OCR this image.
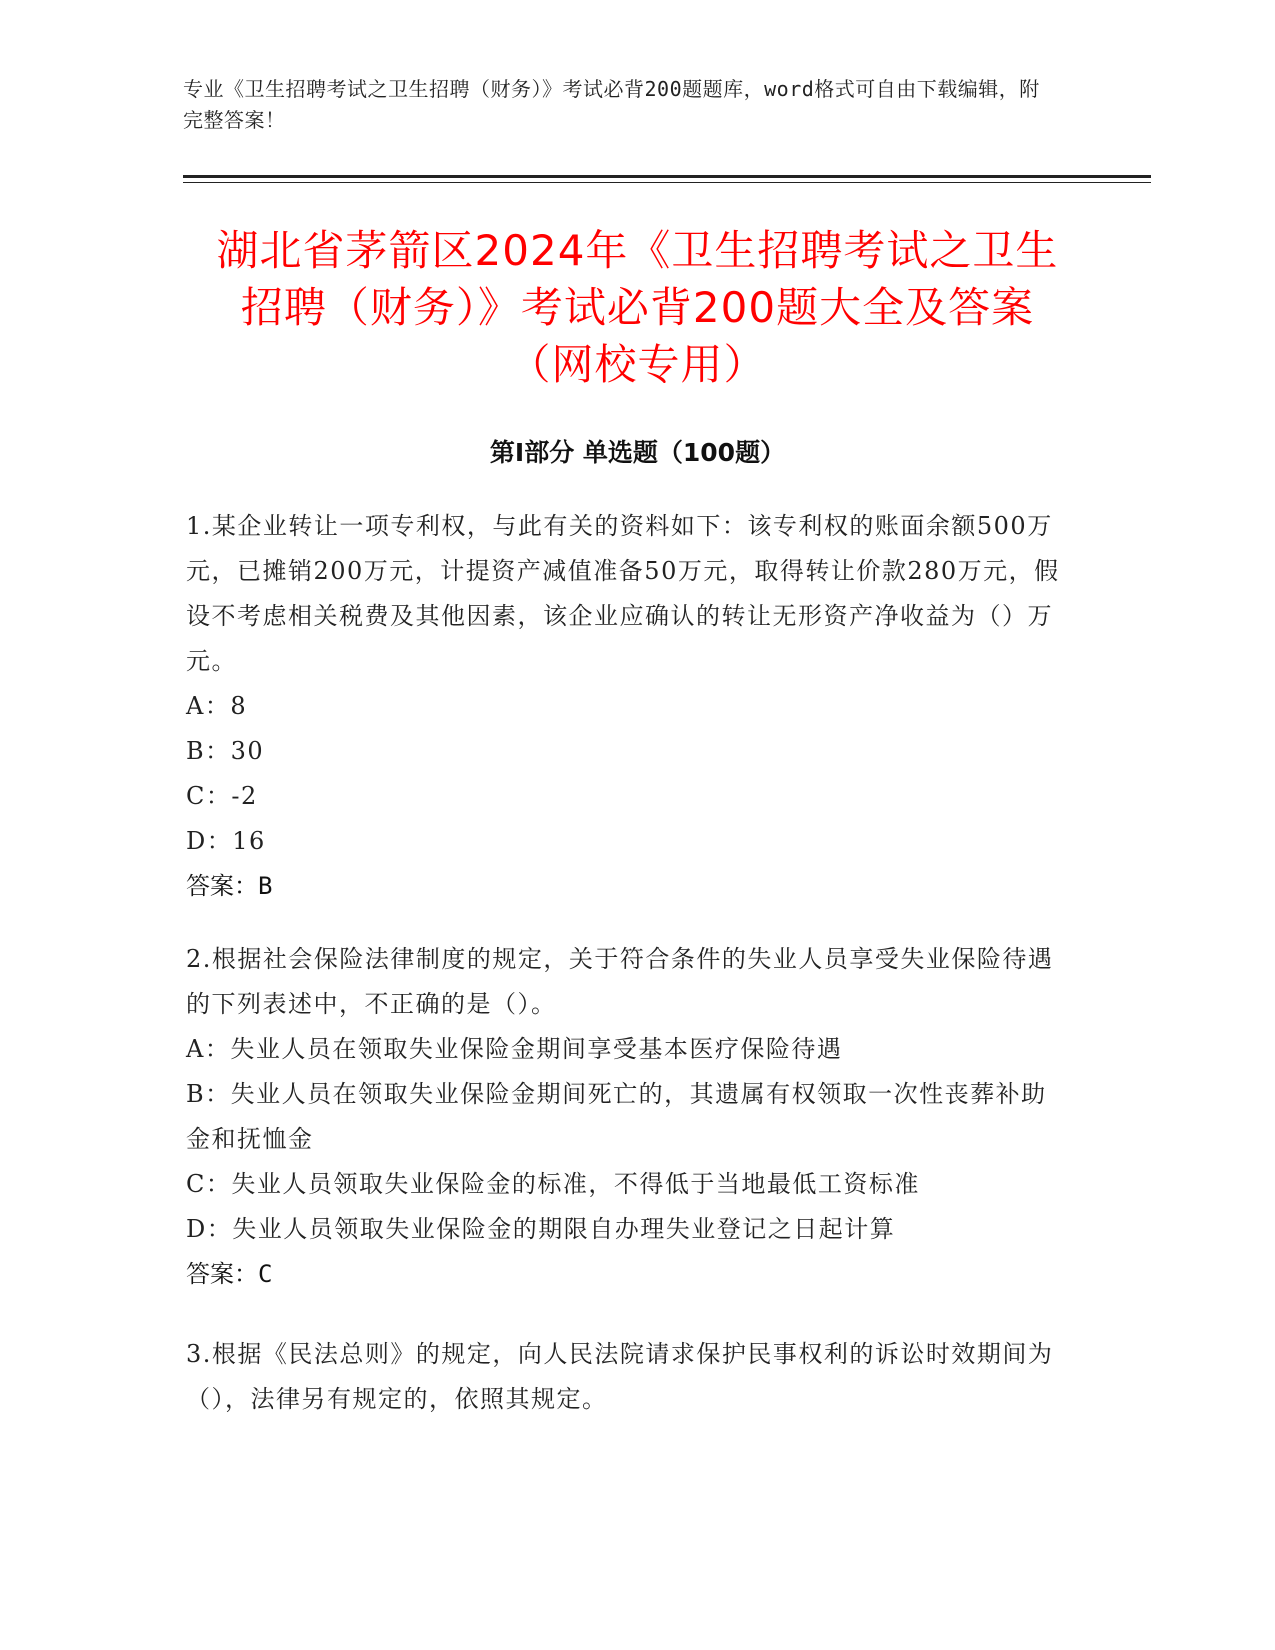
专业《卫生招聘考试之卫生招聘（财务）》考试必背200题题库，word格式可自由下载编辑，附完整答案！
湖北省茅箭区2024年《卫生招聘考试之卫生
招聘（财务）》考试必背200题大全及答案
（网校专用）
第Ⅰ部分 单选题（100题）
1.某企业转让一项专利权，与此有关的资料如下：该专利权的账面余额500万元，已摊销200万元，计提资产减值准备50万元，取得转让价款280万元，假设不考虑相关税费及其他因素，该企业应确认的转让无形资产净收益为（）万元。
A：8
B：30
C：-2
D：16
答案：B
2.根据社会保险法律制度的规定，关于符合条件的失业人员享受失业保险待遇的下列表述中，不正确的是（）。
A：失业人员在领取失业保险金期间享受基本医疗保险待遇
B：失业人员在领取失业保险金期间死亡的，其遗属有权领取一次性丧葬补助金和抚恤金
C：失业人员领取失业保险金的标准，不得低于当地最低工资标准
D：失业人员领取失业保险金的期限自办理失业登记之日起计算
答案：C
3.根据《民法总则》的规定，向人民法院请求保护民事权利的诉讼时效期间为（），法律另有规定的，依照其规定。
